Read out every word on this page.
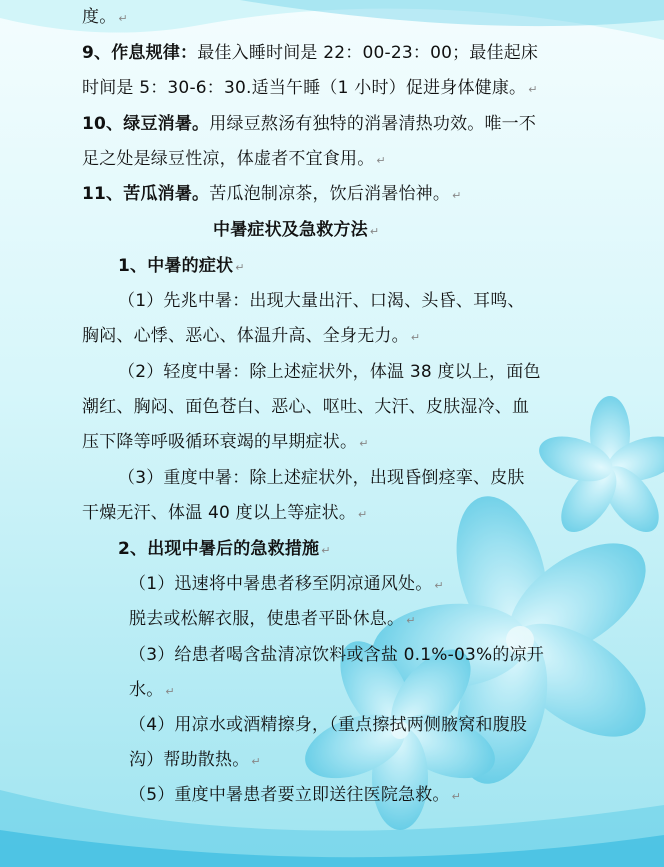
度。 ↵
9、作息规律：最佳入睡时间是 22：00-23：00；最佳起床
时间是 5：30-6：30.适当午睡（1 小时）促进身体健康。 ↵
10、绿豆消暑。用绿豆熬汤有独特的消暑清热功效。唯一不
足之处是绿豆性凉，体虚者不宜食用。 ↵
11、苦瓜消暑。苦瓜泡制凉茶，饮后消暑怡神。 ↵
中暑症状及急救方法 ↵
1、中暑的症状 ↵
（1）先兆中暑：出现大量出汗、口渴、头昏、耳鸣、
胸闷、心悸、恶心、体温升高、全身无力。 ↵
（2）轻度中暑：除上述症状外，体温 38 度以上，面色
潮红、胸闷、面色苍白、恶心、呕吐、大汗、皮肤湿冷、血
压下降等呼吸循环衰竭的早期症状。 ↵
（3）重度中暑：除上述症状外，出现昏倒痉挛、皮肤
干燥无汗、体温 40 度以上等症状。 ↵
2、出现中暑后的急救措施 ↵
（1）迅速将中暑患者移至阴凉通风处。 ↵
脱去或松解衣服，使患者平卧休息。 ↵
（3）给患者喝含盐清凉饮料或含盐 0.1%-03%的凉开
水。 ↵
（4）用凉水或酒精擦身，（重点擦拭两侧腋窝和腹股
沟）帮助散热。 ↵
（5）重度中暑患者要立即送往医院急救。 ↵
